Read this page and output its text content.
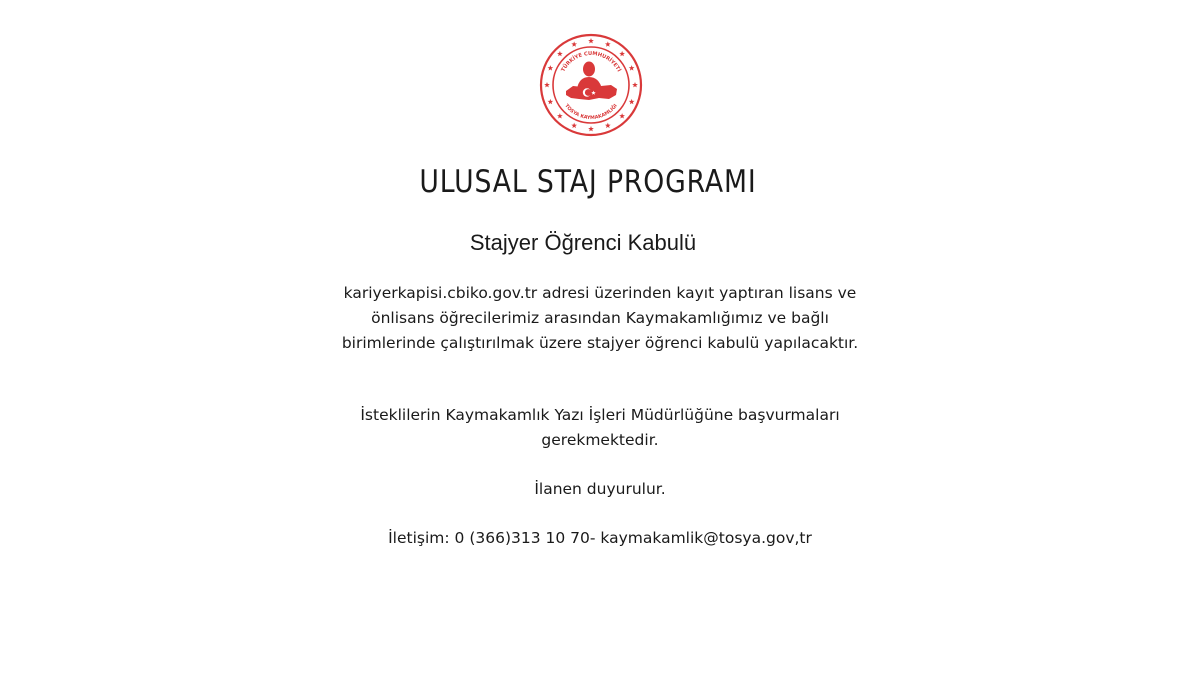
TÜRKİYE CUMHURİYETİ
TOSYA KAYMAKAMLIĞI
ULUSAL STAJ PROGRAMI
Stajyer Öğrenci Kabulü

kariyerkapisi.cbiko.gov.tr adresi üzerinden kayıt yaptıran lisans ve önlisans öğrecilerimiz arasından Kaymakamlığımız ve bağlı birimlerinde çalıştırılmak üzere stajyer öğrenci kabulü yapılacaktır.

İsteklilerin Kaymakamlık Yazı İşleri Müdürlüğüne başvurmaları gerekmektedir.

İlanen duyurulur.

İletişim: 0 (366)313 10 70- kaymakamlik@tosya.gov,tr
